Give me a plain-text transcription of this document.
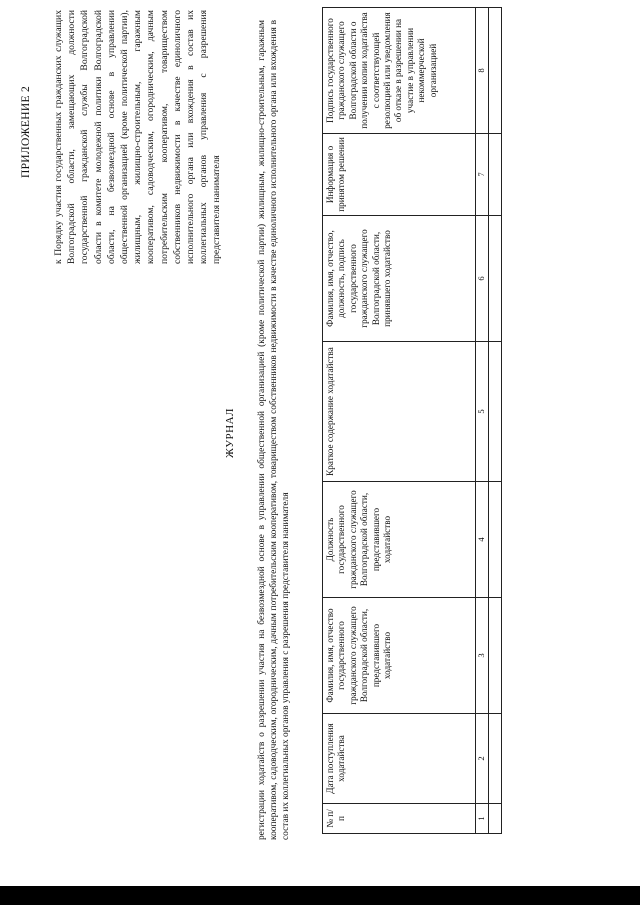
ПРИЛОЖЕНИЕ 2 к Порядку участия государственных гражданских служащих Волгоградской области, замещающих должности государственной гражданской службы Волгоградской области в комитете молодежной политики Волгоградской области, на безвозмездной основе в управлении общественной организацией (кроме политической партии), жилищным, жилищно-строительным, гаражным кооперативом, садоводческим, огородническим, дачным потребительским кооперативом, товариществом собственников недвижимости в качестве единоличного исполнительного органа или вхождения в состав их коллегиальных органов управления с разрешения представителя нанимателя
ЖУРНАЛ регистрации ходатайств о разрешении участия на безвозмездной основе в управлении общественной организацией (кроме политической партии) жилищным, жилищно-строительным, гаражным кооперативом, садоводческим, огородническим, дачным потребительским кооперативом, товариществом собственников недвижимости в качестве единоличного исполнительного органа или вхождения в состав их коллегиальных органов управления с разрешения представителя нанимателя	№ п/п	Дата поступления ходатайства	Фамилия, имя, отчество государственного гражданского служащего Волгоградской области, представившего ходатайство	Должность государственного гражданского служащего Волгоградской области, представившего ходатайство	Краткое содержание ходатайства	Фамилия, имя, отчество, должность, подпись государственного гражданского служащего Волгоградской области, принявшего ходатайство	Информация о принятом решении	Подпись государственного гражданского служащего Волгоградской области о получении копии ходатайства с соответствующей резолюцией или уведомления об отказе в разрешении на участие в управлении некоммерческой организацией
1	2	3	4	5	6	7	8
